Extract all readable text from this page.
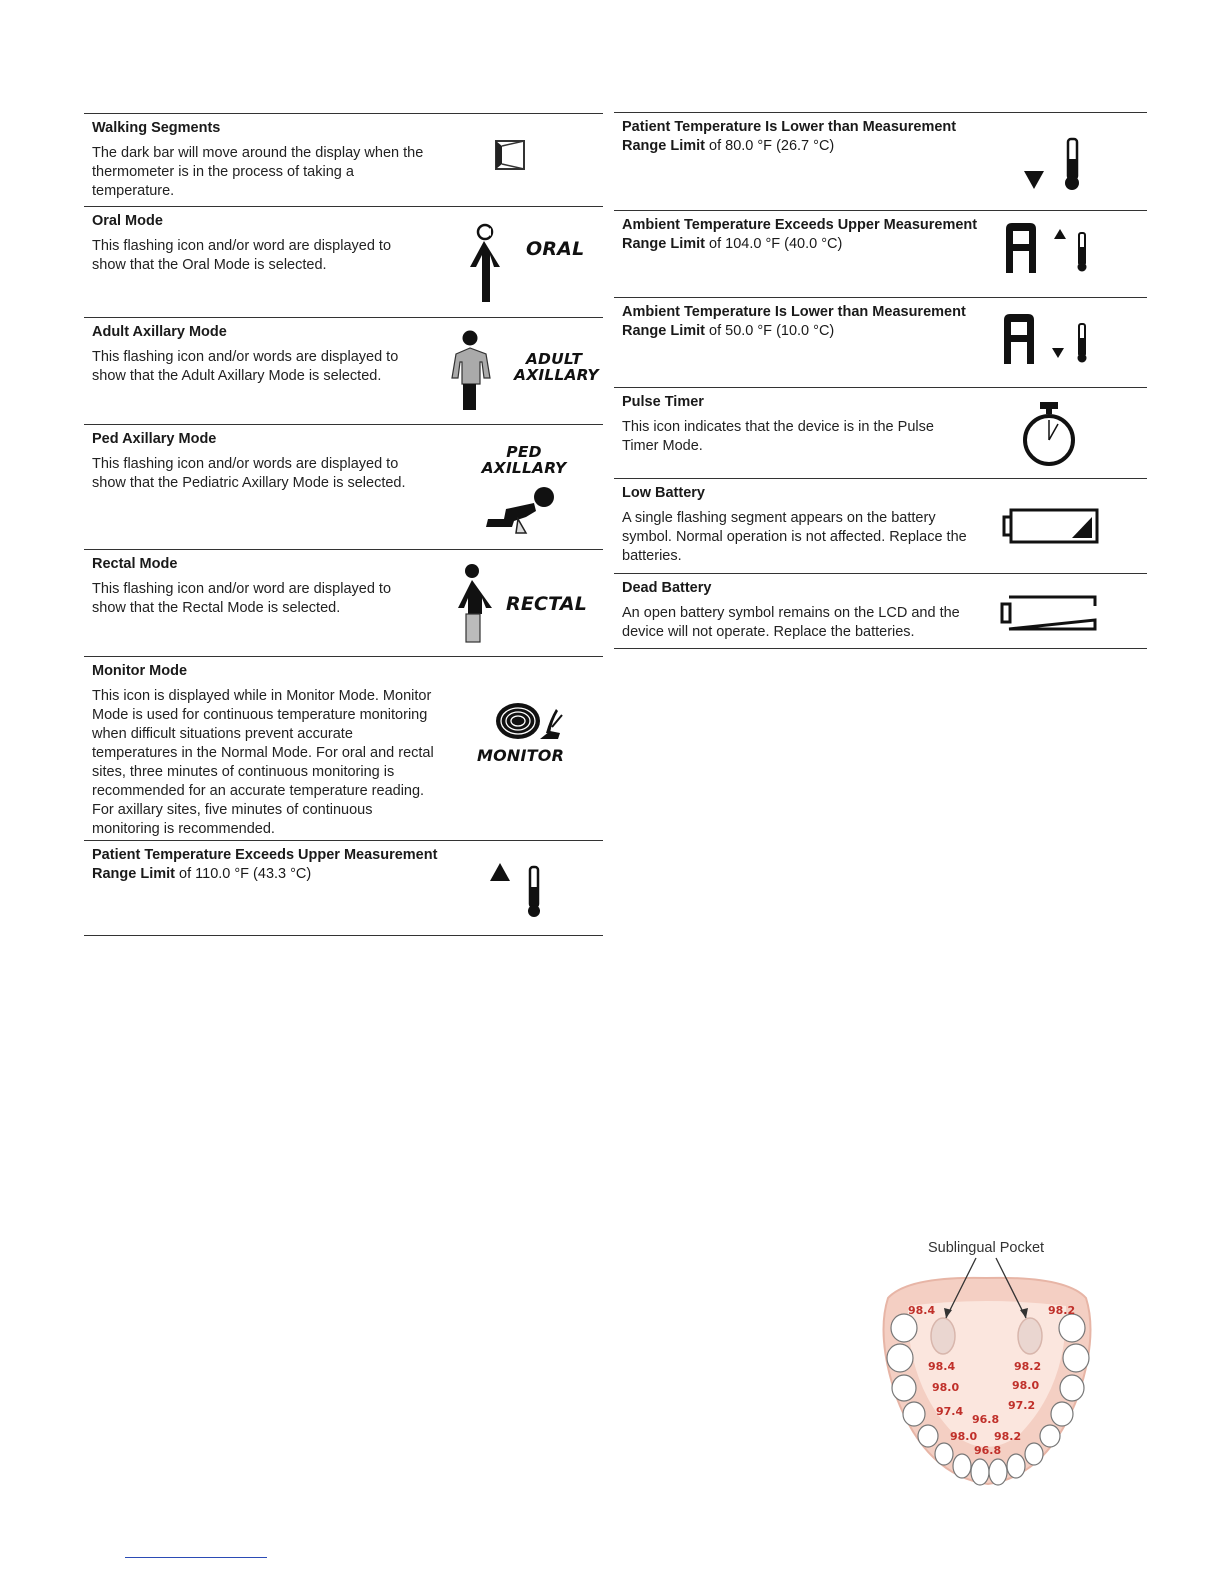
Walking Segments
The dark bar will move around the display when the thermometer is in the process of taking a temperature.
Oral Mode
This flashing icon and/or word are displayed to show that the Oral Mode is selected.
ORAL
Adult Axillary Mode
This flashing icon and/or words are displayed to show that the Adult Axillary Mode is selected.
ADULT
AXILLARY
Ped Axillary Mode
This flashing icon and/or words are displayed to show that the Pediatric Axillary Mode is selected.
PED
AXILLARY
Rectal Mode
This flashing icon and/or word are displayed to show that the Rectal Mode is selected.	RECTAL
Monitor Mode
This icon is displayed while in Monitor Mode. Monitor Mode is used for continuous temperature monitoring when difficult situations prevent accurate temperatures in the Normal Mode. For oral and rectal sites, three minutes of continuous monitoring is recommended for an accurate temperature reading. For axillary sites, five minutes of continuous monitoring is recommended.
MONITOR
Patient Temperature Exceeds Upper Measurement Range Limit of 110.0 °F (43.3 °C)
Patient Temperature Is Lower than Measurement Range Limit of 80.0 °F (26.7 °C)
Ambient Temperature Exceeds Upper Measurement Range Limit of 104.0 °F (40.0 °C)
Ambient Temperature Is Lower than Measurement Range Limit of 50.0 °F (10.0 °C)
Pulse Timer
This icon indicates that the device is in the Pulse Timer Mode.
Low Battery
A single flashing segment appears on the battery symbol. Normal operation is not affected. Replace the batteries.
Dead Battery
An open battery symbol remains on the LCD and the device will not operate. Replace the batteries.
Sublingual Pocket
98.4	98.2
98.4	98.2
98.0	98.0
97.4	97.2
96.8
98.0 98.2
96.8
